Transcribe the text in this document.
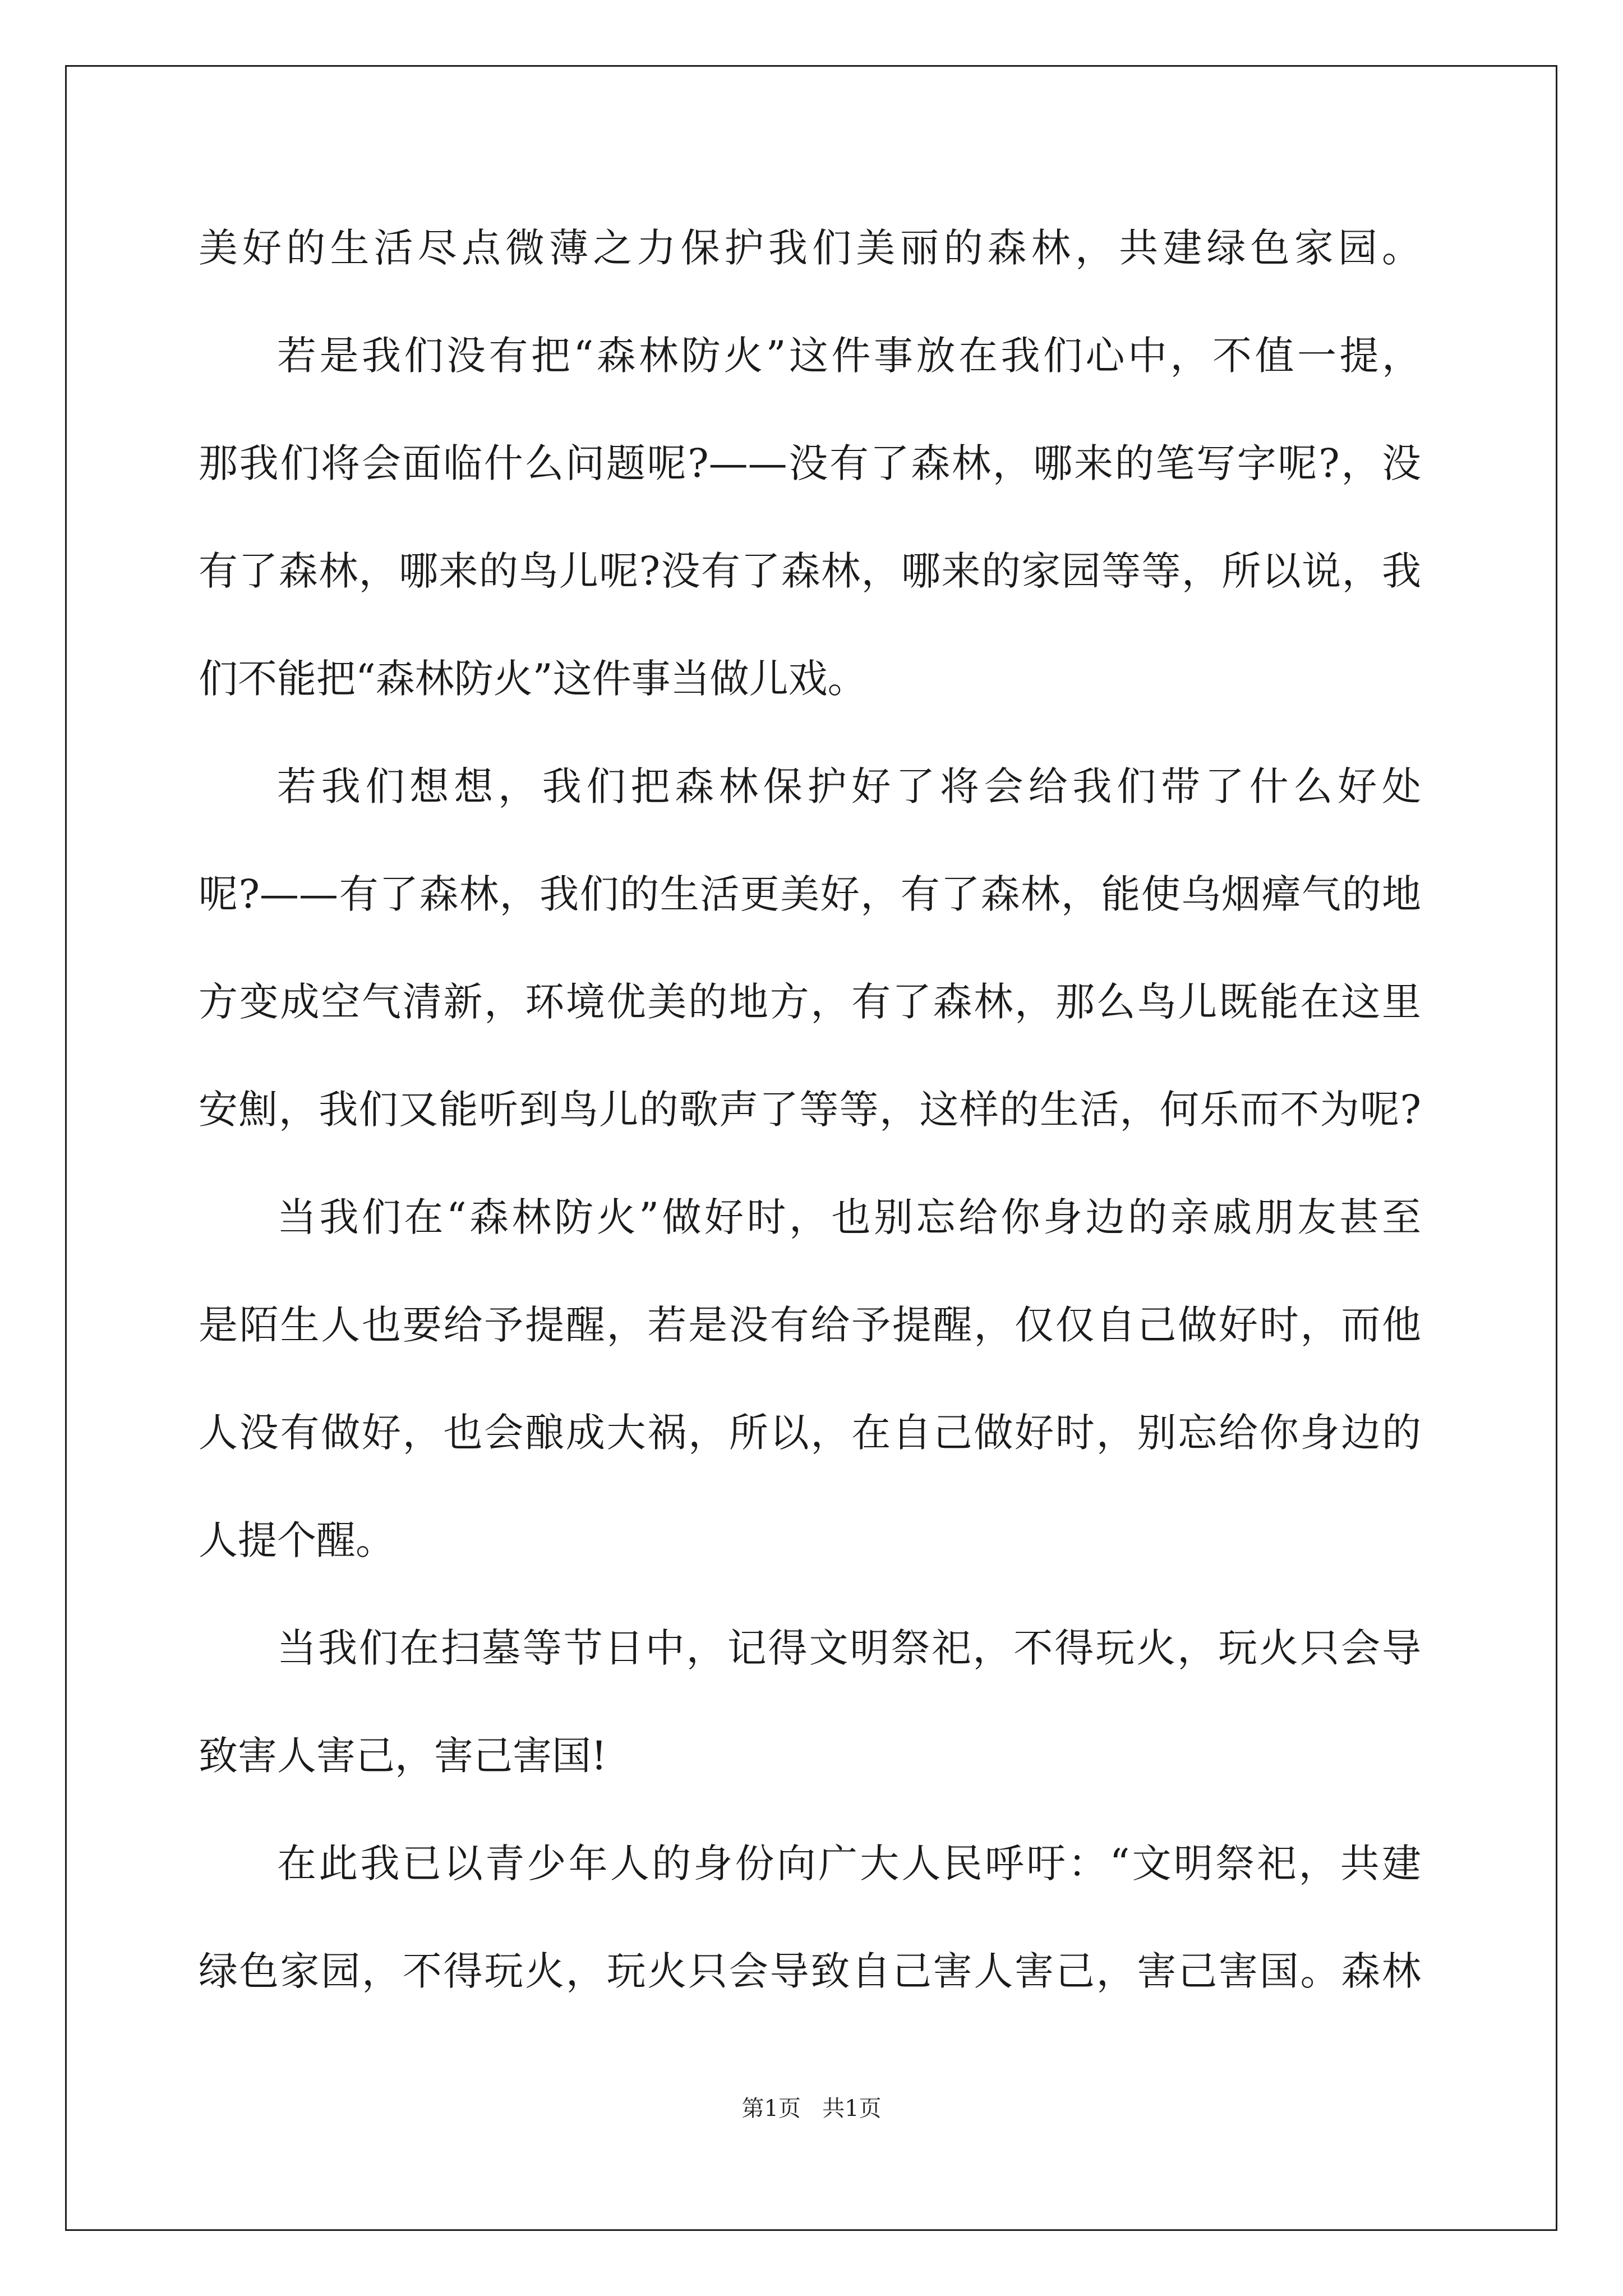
美好的生活尽点微薄之力保护我们美丽的森林，共建绿色家园。
若是我们没有把“森林防火”这件事放在我们心中，不值一提，
那我们将会面临什么问题呢?——没有了森林，哪来的笔写字呢?，没
有了森林，哪来的鸟儿呢?没有了森林，哪来的家园等等，所以说，我
们不能把“森林防火”这件事当做儿戏。
若我们想想，我们把森林保护好了将会给我们带了什么好处
呢?——有了森林，我们的生活更美好，有了森林，能使乌烟瘴气的地
方变成空气清新，环境优美的地方，有了森林，那么鸟儿既能在这里
安劁，我们又能听到鸟儿的歌声了等等，这样的生活，何乐而不为呢?
当我们在“森林防火”做好时，也别忘给你身边的亲戚朋友甚至
是陌生人也要给予提醒，若是没有给予提醒，仅仅自己做好时，而他
人没有做好，也会酿成大祸，所以，在自己做好时，别忘给你身边的
人提个醒。
当我们在扫墓等节日中，记得文明祭祀，不得玩火，玩火只会导
致害人害己，害己害国!
在此我已以青少年人的身份向广大人民呼吁：“文明祭祀，共建
绿色家园，不得玩火，玩火只会导致自己害人害己，害己害国。森林
第1页 共1页
